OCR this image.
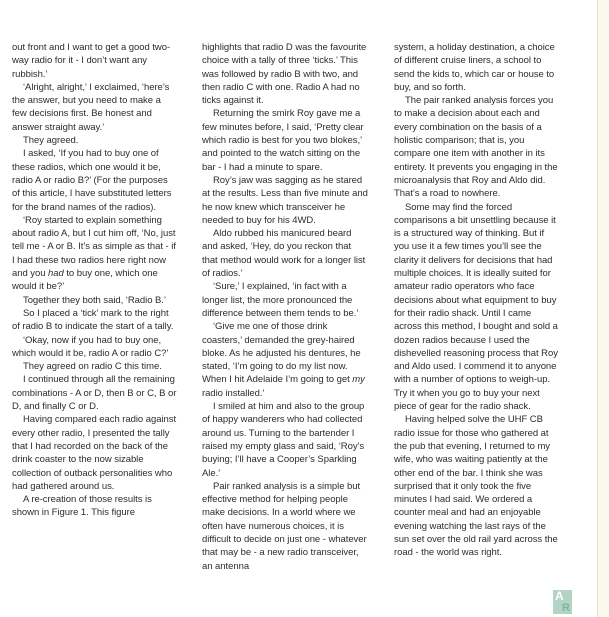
out front and I want to get a good two-way radio for it - I don’t want any rubbish.’

‘Alright, alright,’ I exclaimed, ‘here’s the answer, but you need to make a few decisions first. Be honest and answer straight away.’

They agreed.

I asked, ‘If you had to buy one of these radios, which one would it be, radio A or radio B?’ (For the purposes of this article, I have substituted letters for the brand names of the radios).

‘Roy started to explain something about radio A, but I cut him off, ‘No, just tell me - A or B. It’s as simple as that - if I had these two radios here right now and you had to buy one, which one would it be?’

Together they both said, ‘Radio B.’

So I placed a ‘tick’ mark to the right of radio B to indicate the start of a tally.

‘Okay, now if you had to buy one, which would it be, radio A or radio C?’

They agreed on radio C this time.

I continued through all the remaining combinations - A or D, then B or C, B or D, and finally C or D.

Having compared each radio against every other radio, I presented the tally that I had recorded on the back of the drink coaster to the now sizable collection of outback personalities who had gathered around us.

A re-creation of those results is shown in Figure 1. This figure

highlights that radio D was the favourite choice with a tally of three ‘ticks.’ This was followed by radio B with two, and then radio C with one. Radio A had no ticks against it.

Returning the smirk Roy gave me a few minutes before, I said, ‘Pretty clear which radio is best for you two blokes,’ and pointed to the watch sitting on the bar - I had a minute to spare.

Roy’s jaw was sagging as he stared at the results. Less than five minute and he now knew which transceiver he needed to buy for his 4WD.

Aldo rubbed his manicured beard and asked, ‘Hey, do you reckon that that method would work for a longer list of radios.’

‘Sure,’ I explained, ‘in fact with a longer list, the more pronounced the difference between them tends to be.’

‘Give me one of those drink coasters,’ demanded the grey-haired bloke. As he adjusted his dentures, he stated, ‘I’m going to do my list now. When I hit Adelaide I’m going to get my radio installed.’

I smiled at him and also to the group of happy wanderers who had collected around us. Turning to the bartender I raised my empty glass and said, ‘Roy’s buying; I’ll have a Cooper’s Sparkling Ale.’

Pair ranked analysis is a simple but effective method for helping people make decisions. In a world where we often have numerous choices, it is difficult to decide on just one - whatever that may be - a new radio transceiver, an antenna

system, a holiday destination, a choice of different cruise liners, a school to send the kids to, which car or house to buy, and so forth.

The pair ranked analysis forces you to make a decision about each and every combination on the basis of a holistic comparison; that is, you compare one item with another in its entirety. It prevents you engaging in the microanalysis that Roy and Aldo did. That’s a road to nowhere.

Some may find the forced comparisons a bit unsettling because it is a structured way of thinking. But if you use it a few times you’ll see the clarity it delivers for decisions that had multiple choices. It is ideally suited for amateur radio operators who face decisions about what equipment to buy for their radio shack. Until I came across this method, I bought and sold a dozen radios because I used the dishevelled reasoning process that Roy and Aldo used. I commend it to anyone with a number of options to weigh-up. Try it when you go to buy your next piece of gear for the radio shack.

Having helped solve the UHF CB radio issue for those who gathered at the pub that evening, I returned to my wife, who was waiting patiently at the other end of the bar. I think she was surprised that it only took the five minutes I had said. We ordered a counter meal and had an enjoyable evening watching the last rays of the sun set over the old rail yard across the road - the world was right.

A
R
